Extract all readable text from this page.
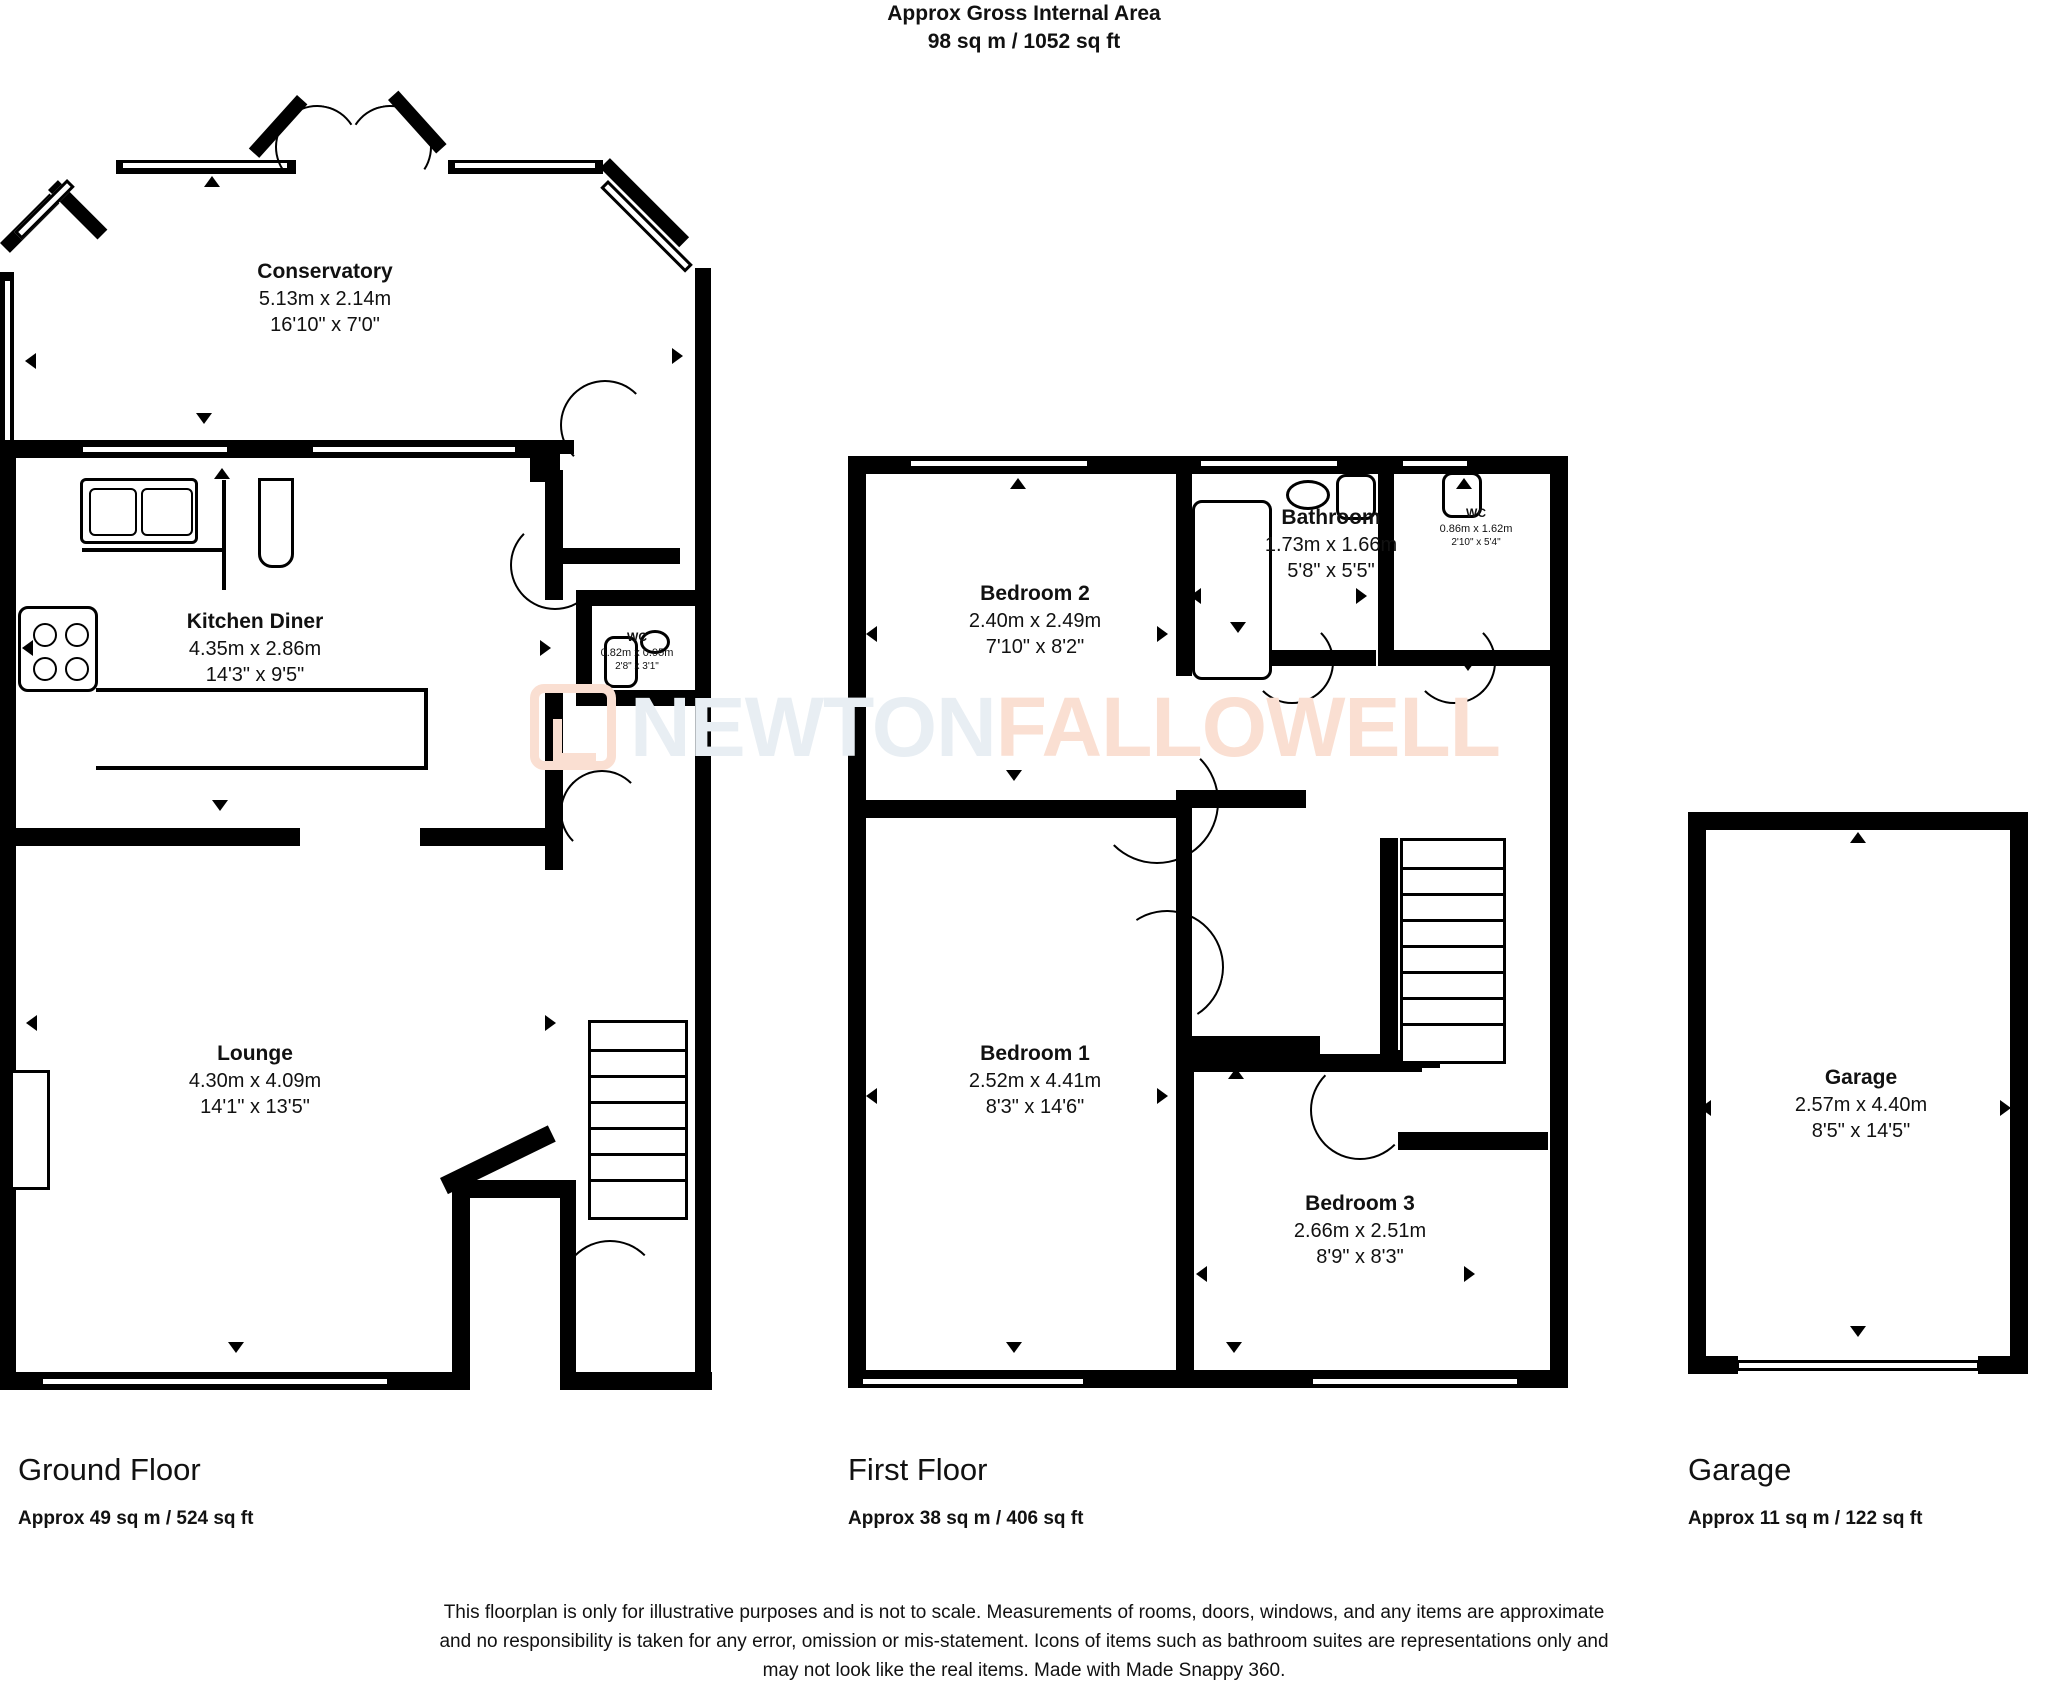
Approx Gross Internal Area
98 sq m / 1052 sq ft
Conservatory
5.13m x 2.14m
16'10" x 7'0"
Kitchen Diner
4.35m x 2.86m
14'3" x 9'5"
WC
0.82m x 0.95m
2'8" x 3'1"
Lounge
4.30m x 4.09m
14'1" x 13'5"
Ground Floor
Approx 49 sq m / 524 sq ft
Bedroom 2
2.40m x 2.49m
7'10" x 8'2"
Bathroom
1.73m x 1.66m
5'8" x 5'5"
WC
0.86m x 1.62m
2'10" x 5'4"
Bedroom 1
2.52m x 4.41m
8'3" x 14'6"
Bedroom 3
2.66m x 2.51m
8'9" x 8'3"
First Floor
Approx 38 sq m / 406 sq ft
Garage
2.57m x 4.40m
8'5" x 14'5"
Garage
Approx 11 sq m / 122 sq ft
NEWTONFALLOWELL
This floorplan is only for illustrative purposes and is not to scale. Measurements of rooms, doors, windows, and any items are approximate
and no responsibility is taken for any error, omission or mis-statement. Icons of items such as bathroom suites are representations only and
may not look like the real items. Made with Made Snappy 360.
